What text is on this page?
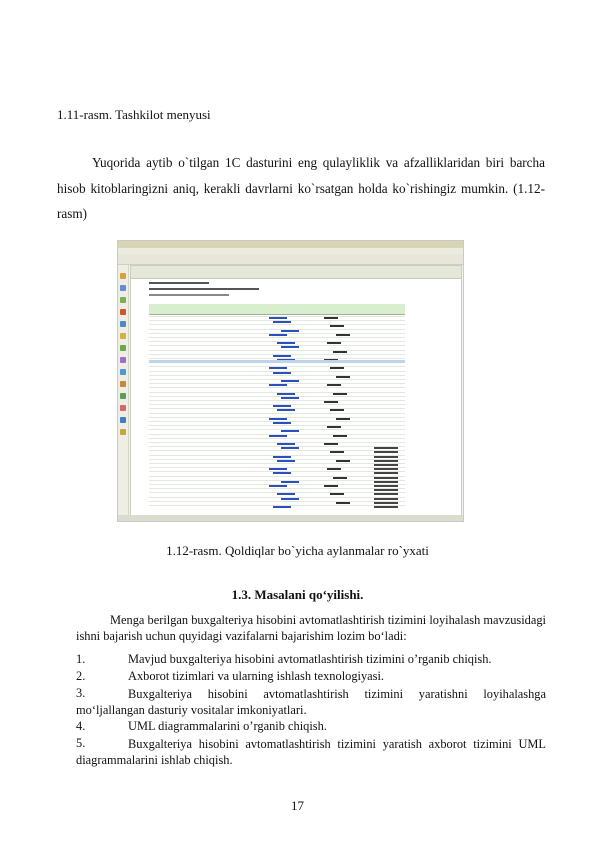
1.11-rasm. Tashkilot menyusi
Yuqorida aytib o`tilgan 1C dasturini eng qulayliklik va afzalliklaridan biri barcha hisob kitoblaringizni aniq, kerakli davrlarni ko`rsatgan holda ko`rishingiz mumkin. (1.12-rasm)
1.12-rasm. Qoldiqlar bo`yicha aylanmalar ro`yxati
1.3. Masalani qo‘yilishi.
Menga berilgan buxgalteriya hisobini avtomatlashtirish tizimini loyihalash mavzusidagi ishni bajarish uchun quyidagi vazifalarni bajarishim lozim bo‘ladi:
1.	Mavjud buxgalteriya hisobini avtomatlashtirish tizimini o’rganib chiqish.
2.	Axborot tizimlari va ularning ishlash texnologiyasi.
3.	Buxgalteriya hisobini avtomatlashtirish tizimini yaratishni loyihalashga mo‘ljallangan dasturiy vositalar imkoniyatlari.
4.	UML diagrammalarini o’rganib chiqish.
5.	Buxgalteriya hisobini avtomatlashtirish tizimini yaratish axborot tizimini UML diagrammalarini ishlab chiqish.
17
